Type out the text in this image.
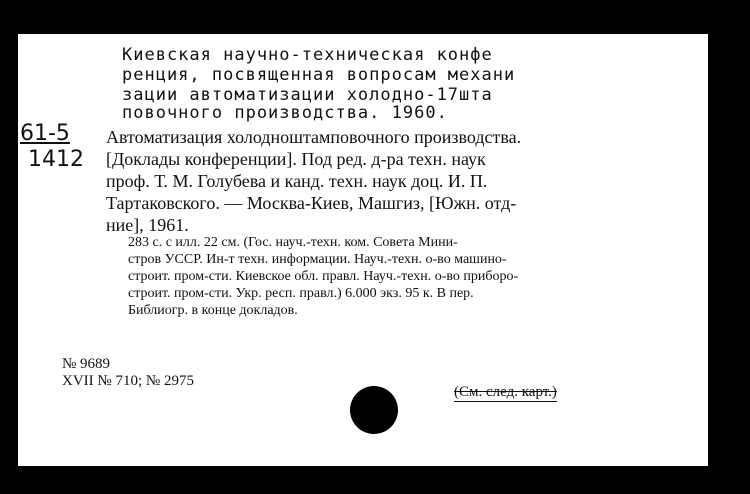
Киевская научно-техническая конфе
ренция, посвященная вопросам механи
зации автоматизации холодно-17шта
повочного производства. 1960.
61-5
1412
Автоматизация холодноштамповочного производства.
[Доклады конференции]. Под ред. д-ра техн. наук
проф. Т. М. Голубева и канд. техн. наук доц. И. П.
Тартаковского. — Москва-Киев, Машгиз, [Южн. отд-
ние], 1961.
283 с. с илл. 22 см. (Гос. науч.-техн. ком. Совета Мини-
стров УССР. Ин-т техн. информации. Науч.-техн. о-во машино-
строит. пром-сти. Киевское обл. правл. Науч.-техн. о-во приборо-
строит. пром-сти. Укр. респ. правл.) 6.000 экз. 95 к. В пер.
Библиогр. в конце докладов.
№ 9689
XVII № 710; № 2975
(См. след. карт.)
